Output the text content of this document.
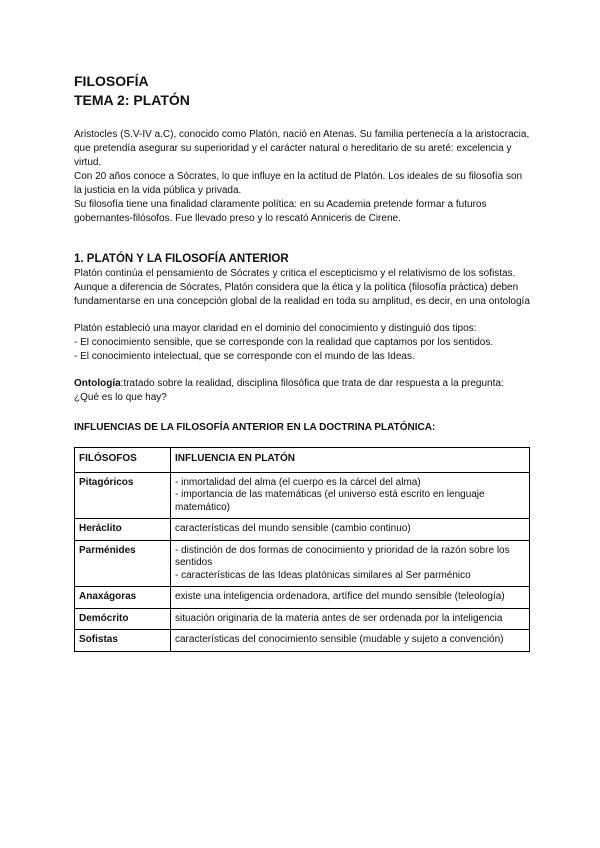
FILOSOFÍA

TEMA 2: PLATÓN

Aristocles (S.V-IV a.C), conocido como Platón, nació en Atenas. Su familia pertenecía a la aristocracia, que pretendía asegurar su superioridad y el carácter natural o hereditario de su areté: excelencia y virtud.

Con 20 años conoce a Sócrates, lo que influye en la actitud de Platón. Los ideales de su filosofía son la justicia en la vida pública y privada.

Su filosofía tiene una finalidad claramente política: en su Academia pretende formar a futuros gobernantes-filósofos. Fue llevado preso y lo rescató Anniceris de Cirene.

1. PLATÓN Y LA FILOSOFÍA ANTERIOR

Platón continúa el pensamiento de Sócrates y critica el escepticismo y el relativismo de los sofistas. Aunque a diferencia de Sócrates, Platón considera que la ética y la política (filosofía práctica) deben fundamentarse en una concepción global de la realidad en toda su amplitud, es decir, en una ontología

Platón estableció una mayor claridad en el dominio del conocimiento y distinguió dos tipos:

- El conocimiento sensible, que se corresponde con la realidad que captamos por los sentidos.

- El conocimiento intelectual, que se corresponde con el mundo de las Ideas.

Ontología:tratado sobre la realidad, disciplina filosófica que trata de dar respuesta a la pregunta: ¿Qué es lo que hay?

INFLUENCIAS DE LA FILOSOFÍA ANTERIOR EN LA DOCTRINA PLATÓNICA:

FILÓSOFOS	INFLUENCIA EN PLATÓN
Pitagóricos	- inmortalidad del alma (el cuerpo es la cárcel del alma)
- importancia de las matemáticas (el universo está escrito en lenguaje matemático)

Heráclito	características del mundo sensible (cambio continuo)

Parménides	- distinción de dos formas de conocimiento y prioridad de la razón sobre los sentidos
- características de las Ideas platónicas similares al Ser parménico

Anaxágoras	existe una inteligencia ordenadora, artífice del mundo sensible (teleología)

Demócrito	situación originaria de la materia antes de ser ordenada por la inteligencia

Sofistas	características del conocimiento sensible (mudable y sujeto a convención)
